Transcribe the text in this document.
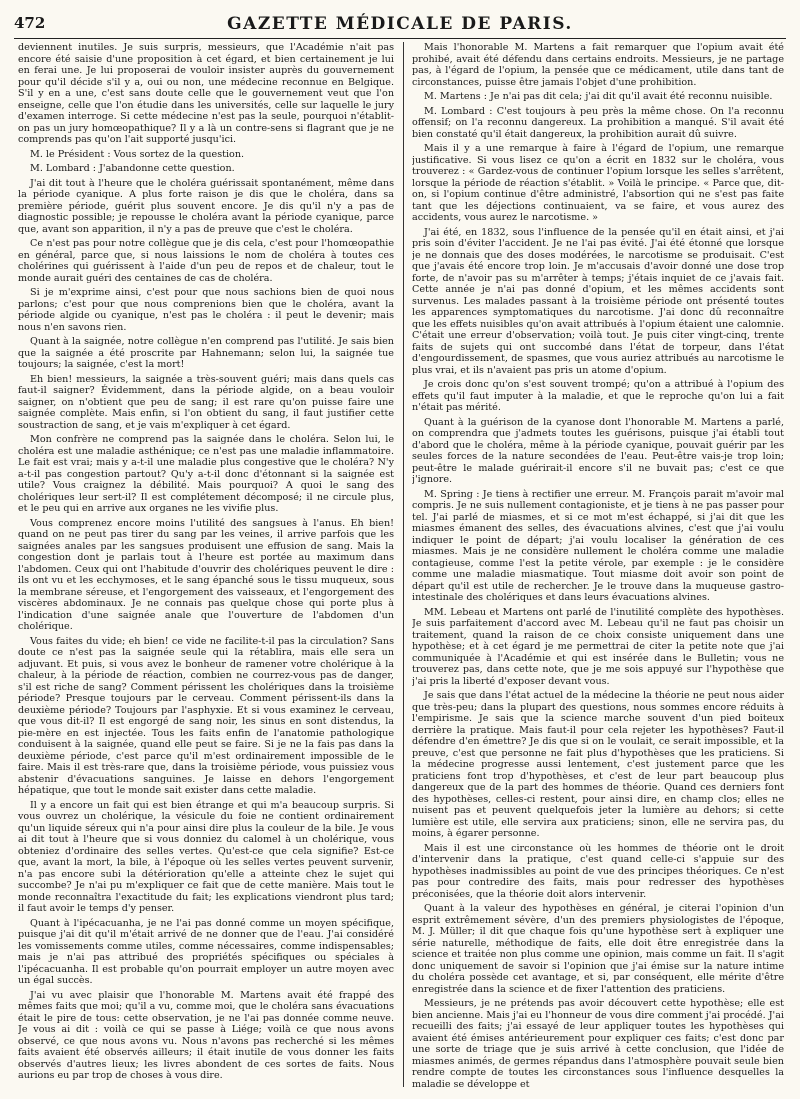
472	GAZETTE MÉDICALE DE PARIS.

deviennent inutiles. Je suis surpris, messieurs, que l'Académie n'ait pas encore été saisie d'une proposition à cet égard, et bien certainement je lui en ferai une. Je lui proposerai de vouloir insister auprès du gouvernement pour qu'il décide s'il y a, oui ou non, une médecine reconnue en Belgique. S'il y en a une, c'est sans doute celle que le gouvernement veut que l'on enseigne, celle que l'on étudie dans les universités, celle sur laquelle le jury d'examen interroge. Si cette médecine n'est pas la seule, pourquoi n'établit-on pas un jury homœopathique? Il y a là un contre-sens si flagrant que je ne comprends pas qu'on l'ait supporté jusqu'ici.

M. le Président : Vous sortez de la question.

M. Lombard : J'abandonne cette question.

J'ai dit tout à l'heure que le choléra guérissait spontanément, même dans la période cyanique. A plus forte raison je dis que le choléra, dans sa première période, guérit plus souvent encore. Je dis qu'il n'y a pas de diagnostic possible; je repousse le choléra avant la période cyanique, parce que, avant son apparition, il n'y a pas de preuve que c'est le choléra.

Ce n'est pas pour notre collègue que je dis cela, c'est pour l'homœopathie en général, parce que, si nous laissions le nom de choléra à toutes ces cholérines qui guérissent à l'aide d'un peu de repos et de chaleur, tout le monde aurait guéri des centaines de cas de choléra.

Si je m'exprime ainsi, c'est pour que nous sachions bien de quoi nous parlons; c'est pour que nous comprenions bien que le choléra, avant la période algide ou cyanique, n'est pas le choléra : il peut le devenir; mais nous n'en savons rien.

Quant à la saignée, notre collègue n'en comprend pas l'utilité. Je sais bien que la saignée a été proscrite par Hahnemann; selon lui, la saignée tue toujours; la saignée, c'est la mort!

Eh bien! messieurs, la saignée a très-souvent guéri; mais dans quels cas faut-il saigner? Évidemment, dans la période algide, on a beau vouloir saigner, on n'obtient que peu de sang; il est rare qu'on puisse faire une saignée complète. Mais enfin, si l'on obtient du sang, il faut justifier cette soustraction de sang, et je vais m'expliquer à cet égard.

Mon confrère ne comprend pas la saignée dans le choléra. Selon lui, le choléra est une maladie asthénique; ce n'est pas une maladie inflammatoire. Le fait est vrai; mais y a-t-il une maladie plus congestive que le choléra? N'y a-t-il pas congestion partout? Qu'y a-t-il donc d'étonnant si la saignée est utile? Vous craignez la débilité. Mais pourquoi? A quoi le sang des cholériques leur sert-il? Il est complétement décomposé; il ne circule plus, et le peu qui en arrive aux organes ne les vivifie plus.

Vous comprenez encore moins l'utilité des sangsues à l'anus. Eh bien! quand on ne peut pas tirer du sang par les veines, il arrive parfois que les saignées anales par les sangsues produisent une effusion de sang. Mais la congestion dont je parlais tout à l'heure est portée au maximum dans l'abdomen. Ceux qui ont l'habitude d'ouvrir des cholériques peuvent le dire : ils ont vu et les ecchymoses, et le sang épanché sous le tissu muqueux, sous la membrane séreuse, et l'engorgement des vaisseaux, et l'engorgement des viscères abdominaux. Je ne connais pas quelque chose qui porte plus à l'indication d'une saignée anale que l'ouverture de l'abdomen d'un cholérique.

Vous faites du vide; eh bien! ce vide ne facilite-t-il pas la circulation? Sans doute ce n'est pas la saignée seule qui la rétablira, mais elle sera un adjuvant. Et puis, si vous avez le bonheur de ramener votre cholérique à la chaleur, à la période de réaction, combien ne courrez-vous pas de danger, s'il est riche de sang? Comment périssent les cholériques dans la troisième période? Presque toujours par le cerveau. Comment périssent-ils dans la deuxième période? Toujours par l'asphyxie. Et si vous examinez le cerveau, que vous dit-il? Il est engorgé de sang noir, les sinus en sont distendus, la pie-mère en est injectée. Tous les faits enfin de l'anatomie pathologique conduisent à la saignée, quand elle peut se faire. Si je ne la fais pas dans la deuxième période, c'est parce qu'il m'est ordinairement impossible de le faire. Mais il est très-rare que, dans la troisième période, vous puissiez vous abstenir d'évacuations sanguines. Je laisse en dehors l'engorgement hépatique, que tout le monde sait exister dans cette maladie.

Il y a encore un fait qui est bien étrange et qui m'a beaucoup surpris. Si vous ouvrez un cholérique, la vésicule du foie ne contient ordinairement qu'un liquide séreux qui n'a pour ainsi dire plus la couleur de la bile. Je vous ai dit tout à l'heure que si vous donniez du calomel à un cholérique, vous obteniez d'ordinaire des selles vertes. Qu'est-ce que cela signifie? Est-ce que, avant la mort, la bile, à l'époque où les selles vertes peuvent survenir, n'a pas encore subi la détérioration qu'elle a atteinte chez le sujet qui succombe? Je n'ai pu m'expliquer ce fait que de cette manière. Mais tout le monde reconnaîtra l'exactitude du fait; les explications viendront plus tard; il faut avoir le temps d'y penser.

Quant à l'ipécacuanha, je ne l'ai pas donné comme un moyen spécifique, puisque j'ai dit qu'il m'était arrivé de ne donner que de l'eau. J'ai considéré les vomissements comme utiles, comme nécessaires, comme indispensables; mais je n'ai pas attribué des propriétés spécifiques ou spéciales à l'ipécacuanha. Il est probable qu'on pourrait employer un autre moyen avec un égal succès.

J'ai vu avec plaisir que l'honorable M. Martens avait été frappé des mêmes faits que moi; qu'il a vu, comme moi, que le choléra sans évacuations était le pire de tous: cette observation, je ne l'ai pas donnée comme neuve. Je vous ai dit : voilà ce qui se passe à Liége; voilà ce que nous avons observé, ce que nous avons vu. Nous n'avons pas recherché si les mêmes faits avaient été observés ailleurs; il était inutile de vous donner les faits observés d'autres lieux; les livres abondent de ces sortes de faits. Nous aurions eu par trop de choses à vous dire.

Mais l'honorable M. Martens a fait remarquer que l'opium avait été prohibé, avait été défendu dans certains endroits. Messieurs, je ne partage pas, à l'égard de l'opium, la pensée que ce médicament, utile dans tant de circonstances, puisse être jamais l'objet d'une prohibition.

M. Martens : Je n'ai pas dit cela; j'ai dit qu'il avait été reconnu nuisible.

M. Lombard : C'est toujours à peu près la même chose. On l'a reconnu offensif; on l'a reconnu dangereux. La prohibition a manqué. S'il avait été bien constaté qu'il était dangereux, la prohibition aurait dû suivre.

Mais il y a une remarque à faire à l'égard de l'opium, une remarque justificative. Si vous lisez ce qu'on a écrit en 1832 sur le choléra, vous trouverez : « Gardez-vous de continuer l'opium lorsque les selles s'arrêtent, lorsque la période de réaction s'établit. » Voilà le principe. « Parce que, dit-on, si l'opium continue d'être administré, l'absortion qui ne s'est pas faite tant que les déjections continuaient, va se faire, et vous aurez des accidents, vous aurez le narcotisme. »

J'ai été, en 1832, sous l'influence de la pensée qu'il en était ainsi, et j'ai pris soin d'éviter l'accident. Je ne l'ai pas évité. J'ai été étonné que lorsque je ne donnais que des doses modérées, le narcotisme se produisait. C'est que j'avais été encore trop loin. Je m'accusais d'avoir donné une dose trop forte, de n'avoir pas su m'arrêter à temps; j'étais inquiet de ce j'avais fait. Cette année je n'ai pas donné d'opium, et les mêmes accidents sont survenus. Les malades passant à la troisième période ont présenté toutes les apparences symptomatiques du narcotisme. J'ai donc dû reconnaître que les effets nuisibles qu'on avait attribués à l'opium étaient une calomnie. C'était une erreur d'observation; voilà tout. Je puis citer vingt-cinq, trente faits de sujets qui ont succombé dans l'état de torpeur, dans l'état d'engourdissement, de spasmes, que vous auriez attribués au narcotisme le plus vrai, et ils n'avaient pas pris un atome d'opium.

Je crois donc qu'on s'est souvent trompé; qu'on a attribué à l'opium des effets qu'il faut imputer à la maladie, et que le reproche qu'on lui a fait n'était pas mérité.

Quant à la guérison de la cyanose dont l'honorable M. Martens a parlé, on comprendra que j'admets toutes les guérisons, puisque j'ai établi tout d'abord que le choléra, même à la période cyanique, pouvait guérir par les seules forces de la nature secondées de l'eau. Peut-être vais-je trop loin; peut-être le malade guérirait-il encore s'il ne buvait pas; c'est ce que j'ignore.

M. Spring : Je tiens à rectifier une erreur. M. François parait m'avoir mal compris. Je ne suis nullement contagioniste, et je tiens à ne pas passer pour tel. J'ai parlé de miasmes, et si ce mot m'est échappé, si j'ai dit que les miasmes émanent des selles, des évacuations alvines, c'est que j'ai voulu indiquer le point de départ; j'ai voulu localiser la génération de ces miasmes. Mais je ne considère nullement le choléra comme une maladie contagieuse, comme l'est la petite vérole, par exemple : je le considère comme une maladie miasmatique. Tout miasme doit avoir son point de départ qu'il est utile de rechercher. Je le trouve dans la muqueuse gastro-intestinale des cholériques et dans leurs évacuations alvines.

MM. Lebeau et Martens ont parlé de l'inutilité complète des hypothèses. Je suis parfaitement d'accord avec M. Lebeau qu'il ne faut pas choisir un traitement, quand la raison de ce choix consiste uniquement dans une hypothèse; et à cet égard je me permettrai de citer la petite note que j'ai communiquée à l'Académie et qui est insérée dans le Bulletin; vous ne trouverez pas, dans cette note, que je me sois appuyé sur l'hypothèse que j'ai pris la liberté d'exposer devant vous.

Je sais que dans l'état actuel de la médecine la théorie ne peut nous aider que très-peu; dans la plupart des questions, nous sommes encore réduits à l'empirisme. Je sais que la science marche souvent d'un pied boiteux derrière la pratique. Mais faut-il pour cela rejeter les hypothèses? Faut-il défendre d'en émettre? Je dis que si on le voulait, ce serait impossible, et la preuve, c'est que personne ne fait plus d'hypothèses que les praticiens. Si la médecine progresse aussi lentement, c'est justement parce que les praticiens font trop d'hypothèses, et c'est de leur part beaucoup plus dangereux que de la part des hommes de théorie. Quand ces derniers font des hypothèses, celles-ci restent, pour ainsi dire, en champ clos; elles ne nuisent pas et peuvent quelquefois jeter la lumière au dehors; si cette lumière est utile, elle servira aux praticiens; sinon, elle ne servira pas, du moins, à égarer personne.

Mais il est une circonstance où les hommes de théorie ont le droit d'intervenir dans la pratique, c'est quand celle-ci s'appuie sur des hypothèses inadmissibles au point de vue des principes théoriques. Ce n'est pas pour contredire des faits, mais pour redresser des hypothèses préconisées, que la théorie doit alors intervenir.

Quant à la valeur des hypothèses en général, je citerai l'opinion d'un esprit extrêmement sévère, d'un des premiers physiologistes de l'époque, M. J. Müller; il dit que chaque fois qu'une hypothèse sert à expliquer une série naturelle, méthodique de faits, elle doit être enregistrée dans la science et traitée non plus comme une opinion, mais comme un fait. Il s'agit donc uniquement de savoir si l'opinion que j'ai émise sur la nature intime du choléra possède cet avantage, et si, par conséquent, elle mérite d'être enregistrée dans la science et de fixer l'attention des praticiens.

Messieurs, je ne prétends pas avoir découvert cette hypothèse; elle est bien ancienne. Mais j'ai eu l'honneur de vous dire comment j'ai procédé. J'ai recueilli des faits; j'ai essayé de leur appliquer toutes les hypothèses qui avaient été émises antérieurement pour expliquer ces faits; c'est donc par une sorte de triage que je suis arrivé à cette conclusion, que l'idée de miasmes animés, de germes répandus dans l'atmosphère pouvait seule bien rendre compte de toutes les circonstances sous l'influence desquelles la maladie se développe et
